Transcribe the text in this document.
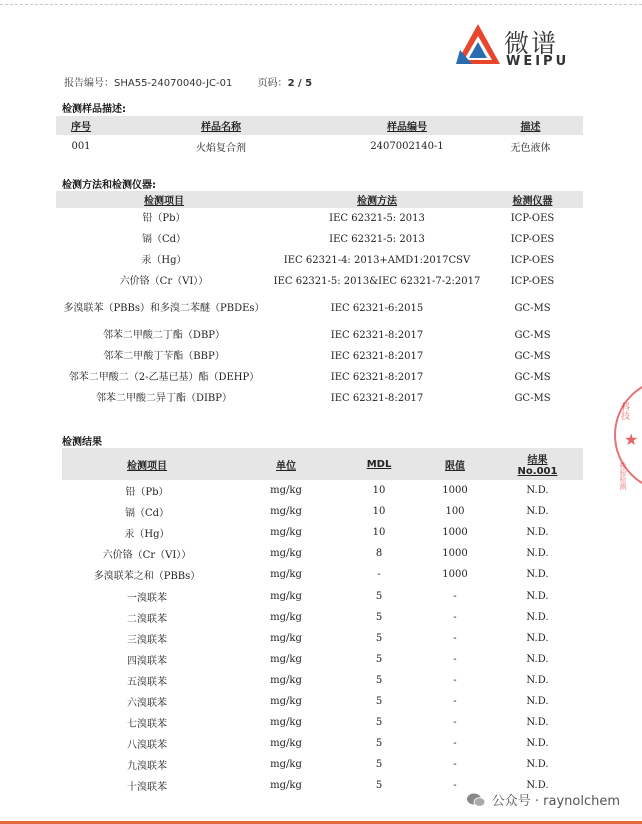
微谱
WEIPU
报告编号：SHA55-24070040-JC-01	页码：2 / 5
检测样品描述:
序号	样品名称	样品编号	描述
001	火焰复合剂	2407002140-1	无色液体
检测方法和检测仪器:
检测项目	检测方法	检测仪器
铅（Pb）	IEC 62321-5: 2013	ICP-OES
镉（Cd）	IEC 62321-5: 2013	ICP-OES
汞（Hg）	IEC 62321-4: 2013+AMD1:2017CSV	ICP-OES
六价铬（Cr（VI））	IEC 62321-5: 2013&IEC 62321-7-2:2017	ICP-OES
多溴联苯（PBBs）和多溴二苯醚（PBDEs）	IEC 62321-6:2015	GC-MS
邻苯二甲酸二丁酯（DBP）	IEC 62321-8:2017	GC-MS
邻苯二甲酸丁苄酯（BBP）	IEC 62321-8:2017	GC-MS
邻苯二甲酸二（2-乙基已基）酯（DEHP）	IEC 62321-8:2017	GC-MS
邻苯二甲酸二异丁酯（DIBP）	IEC 62321-8:2017	GC-MS
检测结果
检测项目	单位	MDL	限值	结果
No.001

铅（Pb）	mg/kg	10	1000	N.D.
镉（Cd）	mg/kg	10	100	N.D.
汞（Hg）	mg/kg	10	1000	N.D.
六价铬（Cr（VI））	mg/kg	8	1000	N.D.
多溴联苯之和（PBBs）	mg/kg	-	1000	N.D.
一溴联苯	mg/kg	5	-	N.D.
二溴联苯	mg/kg	5	-	N.D.
三溴联苯	mg/kg	5	-	N.D.
四溴联苯	mg/kg	5	-	N.D.
五溴联苯	mg/kg	5	-	N.D.
六溴联苯	mg/kg	5	-	N.D.
七溴联苯	mg/kg	5	-	N.D.
八溴联苯	mg/kg	5	-	N.D.
九溴联苯	mg/kg	5	-	N.D.
十溴联苯	mg/kg	5	-	N.D.
科技
★
检验检测
公众号 · raynolchem
